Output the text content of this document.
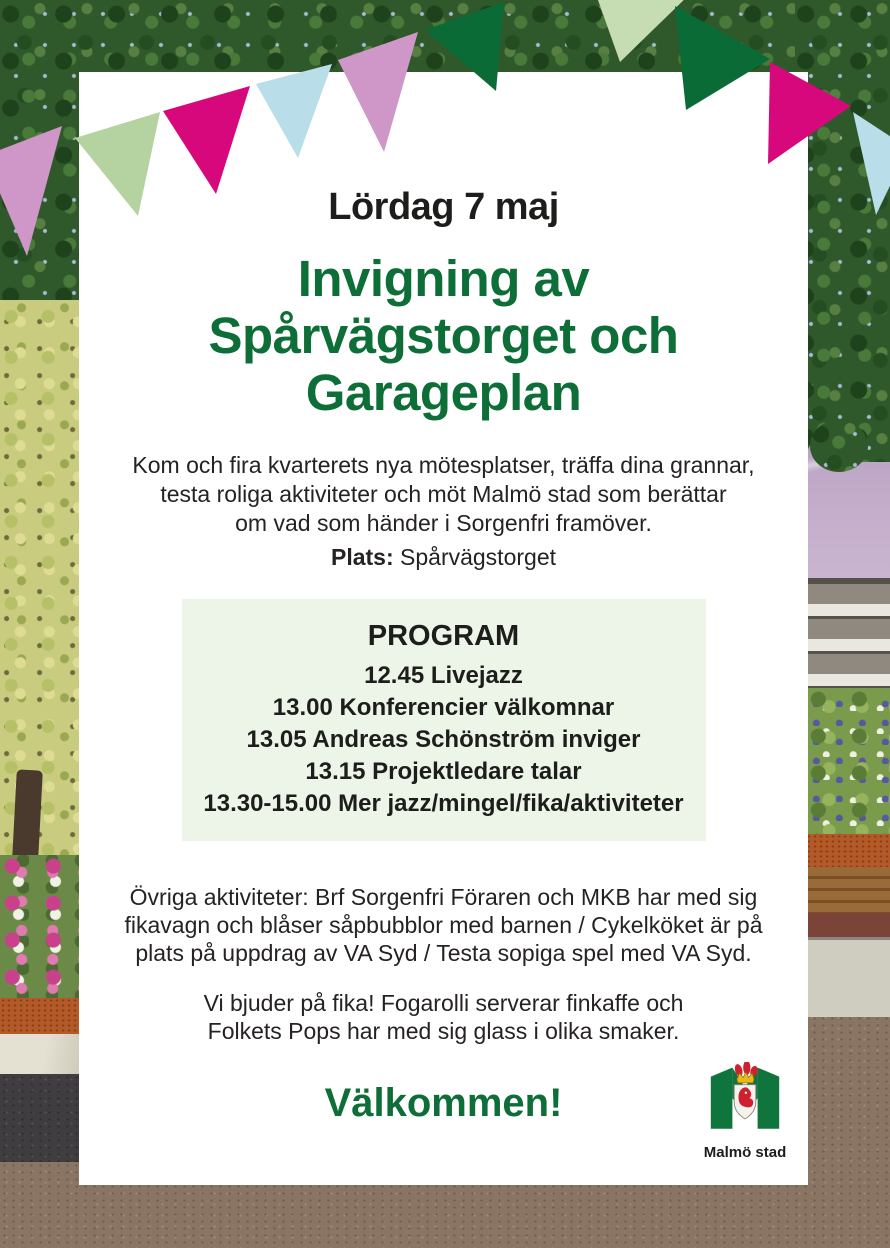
Lördag 7 maj
Invigning av
Spårvägstorget och
Garageplan

Kom och fira kvarterets nya mötesplatser, träffa dina grannar,
testa roliga aktiviteter och möt Malmö stad som berättar
om vad som händer i Sorgenfri framöver.

Plats: Spårvägstorget

PROGRAM
12.45 Livejazz
13.00 Konferencier välkomnar
13.05 Andreas Schönström inviger
13.15 Projektledare talar
13.30-15.00 Mer jazz/mingel/fika/aktiviteter

Övriga aktiviteter: Brf Sorgenfri Föraren och MKB har med sig
fikavagn och blåser såpbubblor med barnen / Cykelköket är på
plats på uppdrag av VA Syd / Testa sopiga spel med VA Syd.

Vi bjuder på fika! Fogarolli serverar finkaffe och
Folkets Pops har med sig glass i olika smaker.

Välkommen!
Malmö stad
